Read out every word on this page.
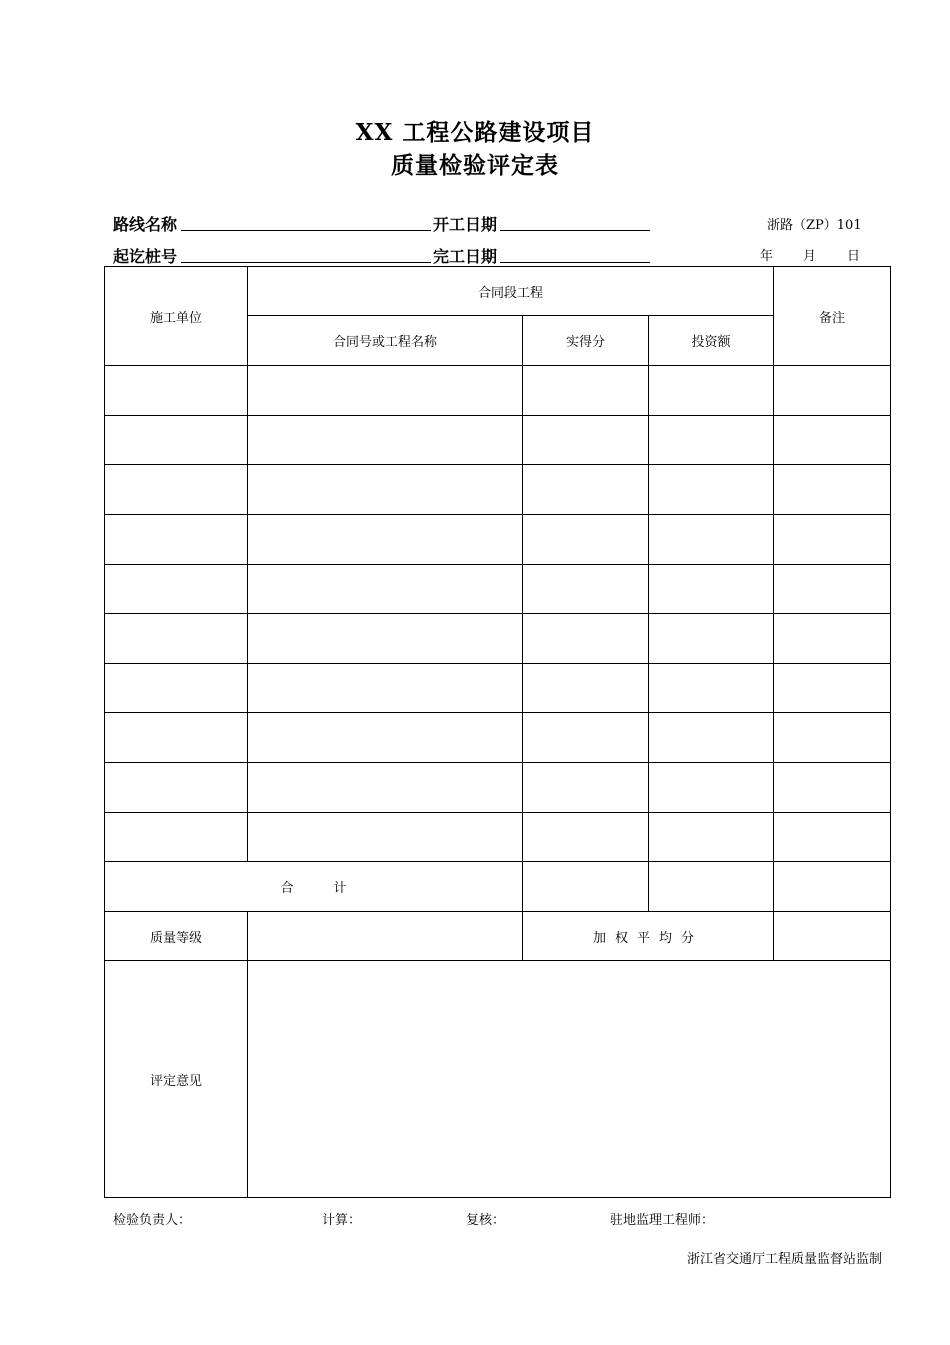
XX 工程公路建设项目
质量检验评定表
路线名称	开工日期	浙路（ZP）101
起讫桩号	完工日期	年 月 日
施工单位	合同段工程			备注
	合同号或工程名称	实得分	投资额	

合 计				
质量等级		加权平均分		
评定意见				
检验负责人：	计算：	复核：	驻地监理工程师：
浙江省交通厅工程质量监督站监制
